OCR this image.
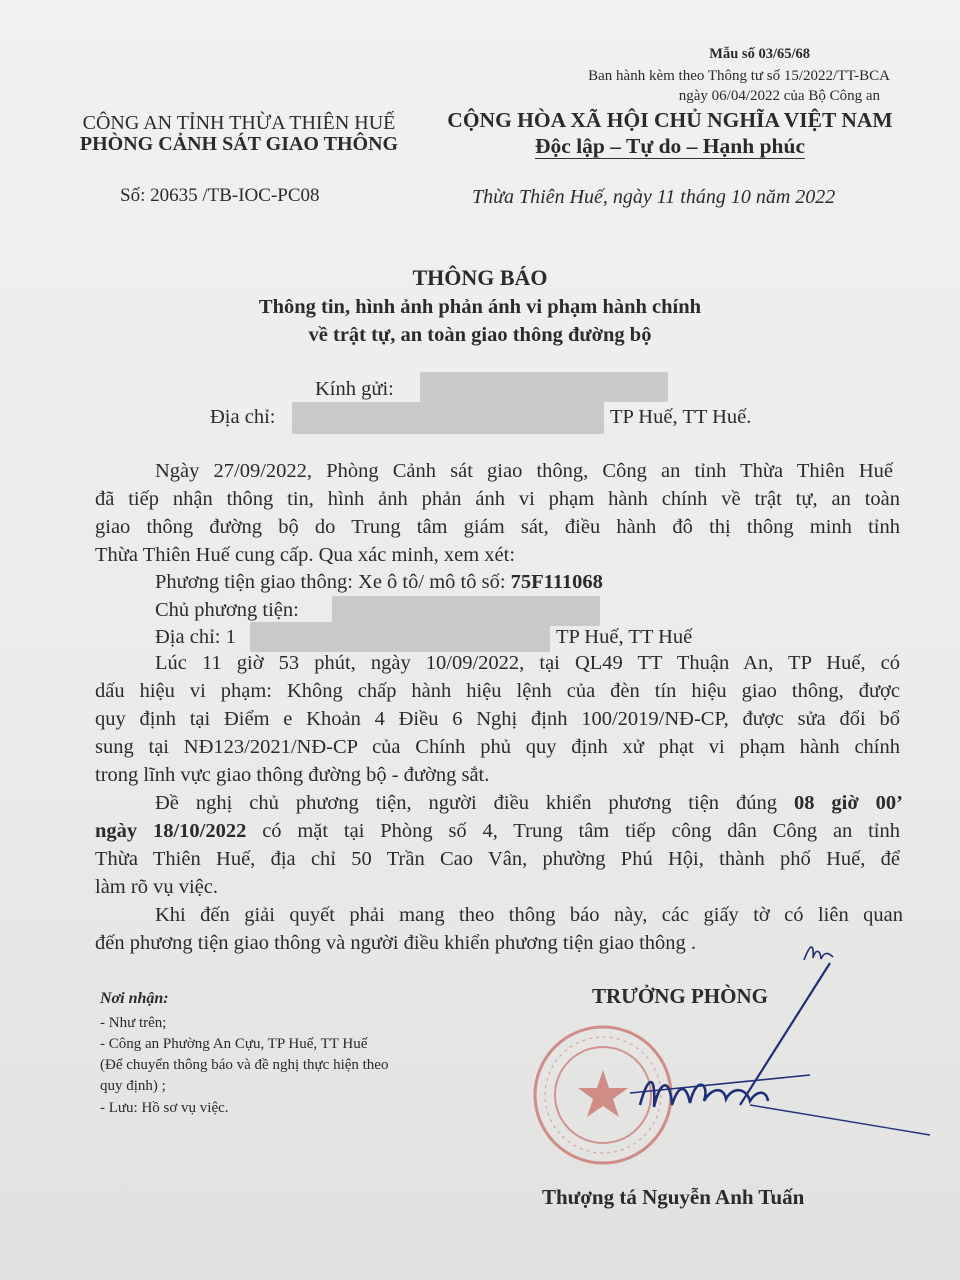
Mẫu số 03/65/68
Ban hành kèm theo Thông tư số 15/2022/TT-BCA
ngày 06/04/2022 của Bộ Công an
CÔNG AN TỈNH THỪA THIÊN HUẾ
PHÒNG CẢNH SÁT GIAO THÔNG
CỘNG HÒA XÃ HỘI CHỦ NGHĨA VIỆT NAM
Độc lập – Tự do – Hạnh phúc
Số: 20635 /TB-IOC-PC08	Thừa Thiên Huế, ngày 11 tháng 10 năm 2022
THÔNG BÁO
Thông tin, hình ảnh phản ánh vi phạm hành chính
về trật tự, an toàn giao thông đường bộ
Kính gửi:
Địa chỉ:	TP Huế, TT Huế.
Ngày 27/09/2022, Phòng Cảnh sát giao thông, Công an tỉnh Thừa Thiên Huế
đã tiếp nhận thông tin, hình ảnh phản ánh vi phạm hành chính về trật tự, an toàn
giao thông đường bộ do Trung tâm giám sát, điều hành đô thị thông minh tỉnh
Thừa Thiên Huế cung cấp. Qua xác minh, xem xét:
Phương tiện giao thông: Xe ô tô/ mô tô số: 75F111068
Chủ phương tiện:
Địa chỉ: 1	TP Huế, TT Huế
Lúc 11 giờ 53 phút, ngày 10/09/2022, tại QL49 TT Thuận An, TP Huế, có
dấu hiệu vi phạm: Không chấp hành hiệu lệnh của đèn tín hiệu giao thông, được
quy định tại Điểm e Khoản 4 Điều 6 Nghị định 100/2019/NĐ-CP, được sửa đổi bổ
sung tại NĐ123/2021/NĐ-CP của Chính phủ quy định xử phạt vi phạm hành chính
trong lĩnh vực giao thông đường bộ - đường sắt.
Đề nghị chủ phương tiện, người điều khiển phương tiện đúng 08 giờ 00’
ngày 18/10/2022 có mặt tại Phòng số 4, Trung tâm tiếp công dân Công an tỉnh
Thừa Thiên Huế, địa chỉ 50 Trần Cao Vân, phường Phú Hội, thành phố Huế, để
làm rõ vụ việc.
Khi đến giải quyết phải mang theo thông báo này, các giấy tờ có liên quan
đến phương tiện giao thông và người điều khiển phương tiện giao thông .
Nơi nhận:
- Như trên;
- Công an Phường An Cựu, TP Huế, TT Huế
(Để chuyển thông báo và đề nghị thực hiện theo
quy định) ;
- Lưu: Hồ sơ vụ việc.
TRƯỞNG PHÒNG
Thượng tá Nguyễn Anh Tuấn
